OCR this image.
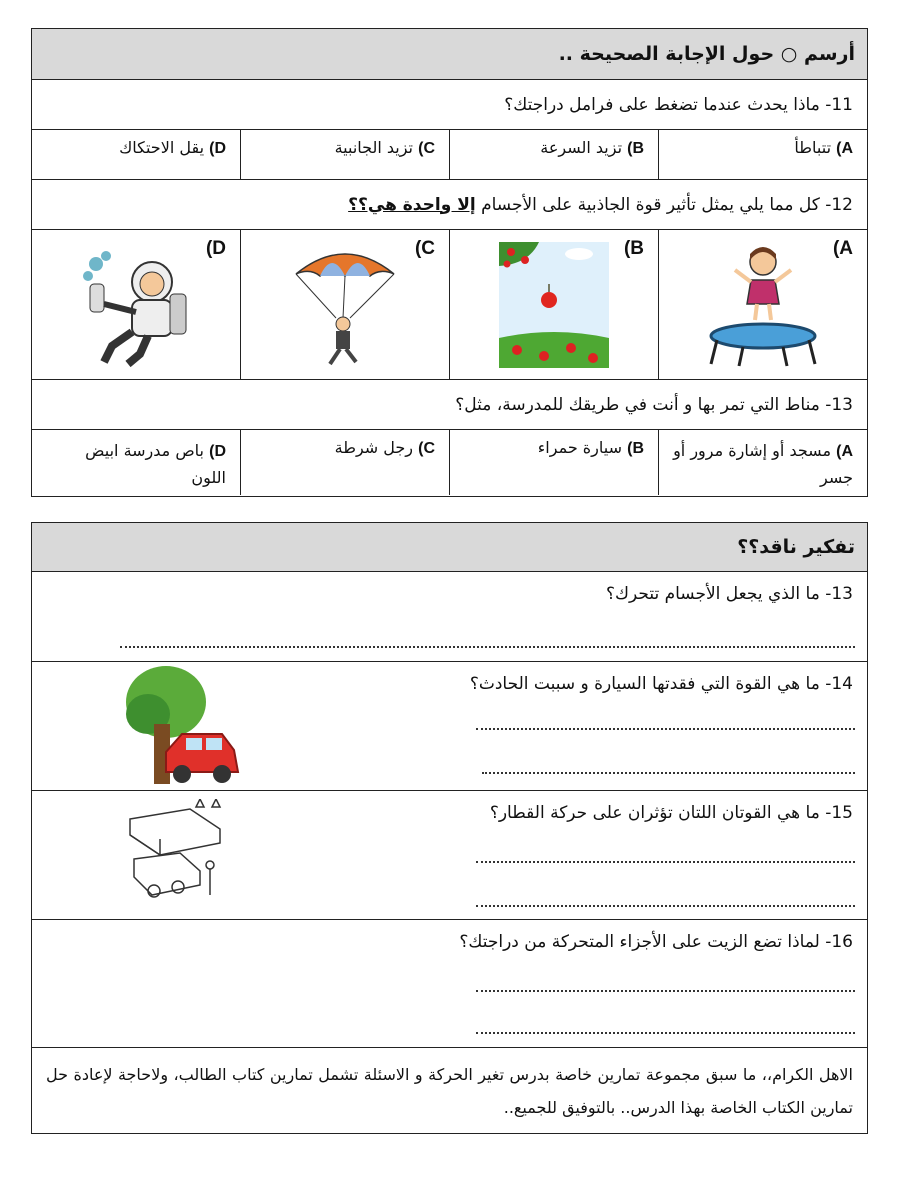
أرسم ○ حول الإجابة الصحيحة ..
11- ماذا يحدث عندما تضغط على فرامل دراجتك؟
A) تتباطأ
B) تزيد السرعة
C) تزيد الجانبية
D) يقل الاحتكاك
12- كل مما يلي يمثل تأثير قوة الجاذبية على الأجسام إلا واحدة هي؟؟
A)
B)
C)
D)
13- مناط التي تمر بها و أنت في طريقك للمدرسة، مثل؟
A) مسجد أو إشارة مرور أو جسر
B) سيارة حمراء
C) رجل شرطة
D) باص مدرسة ابيض اللون
تفكير ناقد؟؟
13- ما الذي يجعل الأجسام تتحرك؟
14- ما هي القوة التي فقدتها السيارة و سببت الحادث؟
15- ما هي القوتان اللتان تؤثران على حركة القطار؟
16- لماذا تضع الزيت على الأجزاء المتحركة من دراجتك؟
الاهل الكرام،، ما سبق مجموعة تمارين خاصة بدرس تغير الحركة و الاسئلة تشمل تمارين كتاب الطالب، ولاحاجة لإعادة حل تمارين الكتاب الخاصة بهذا الدرس.. بالتوفيق للجميع..
